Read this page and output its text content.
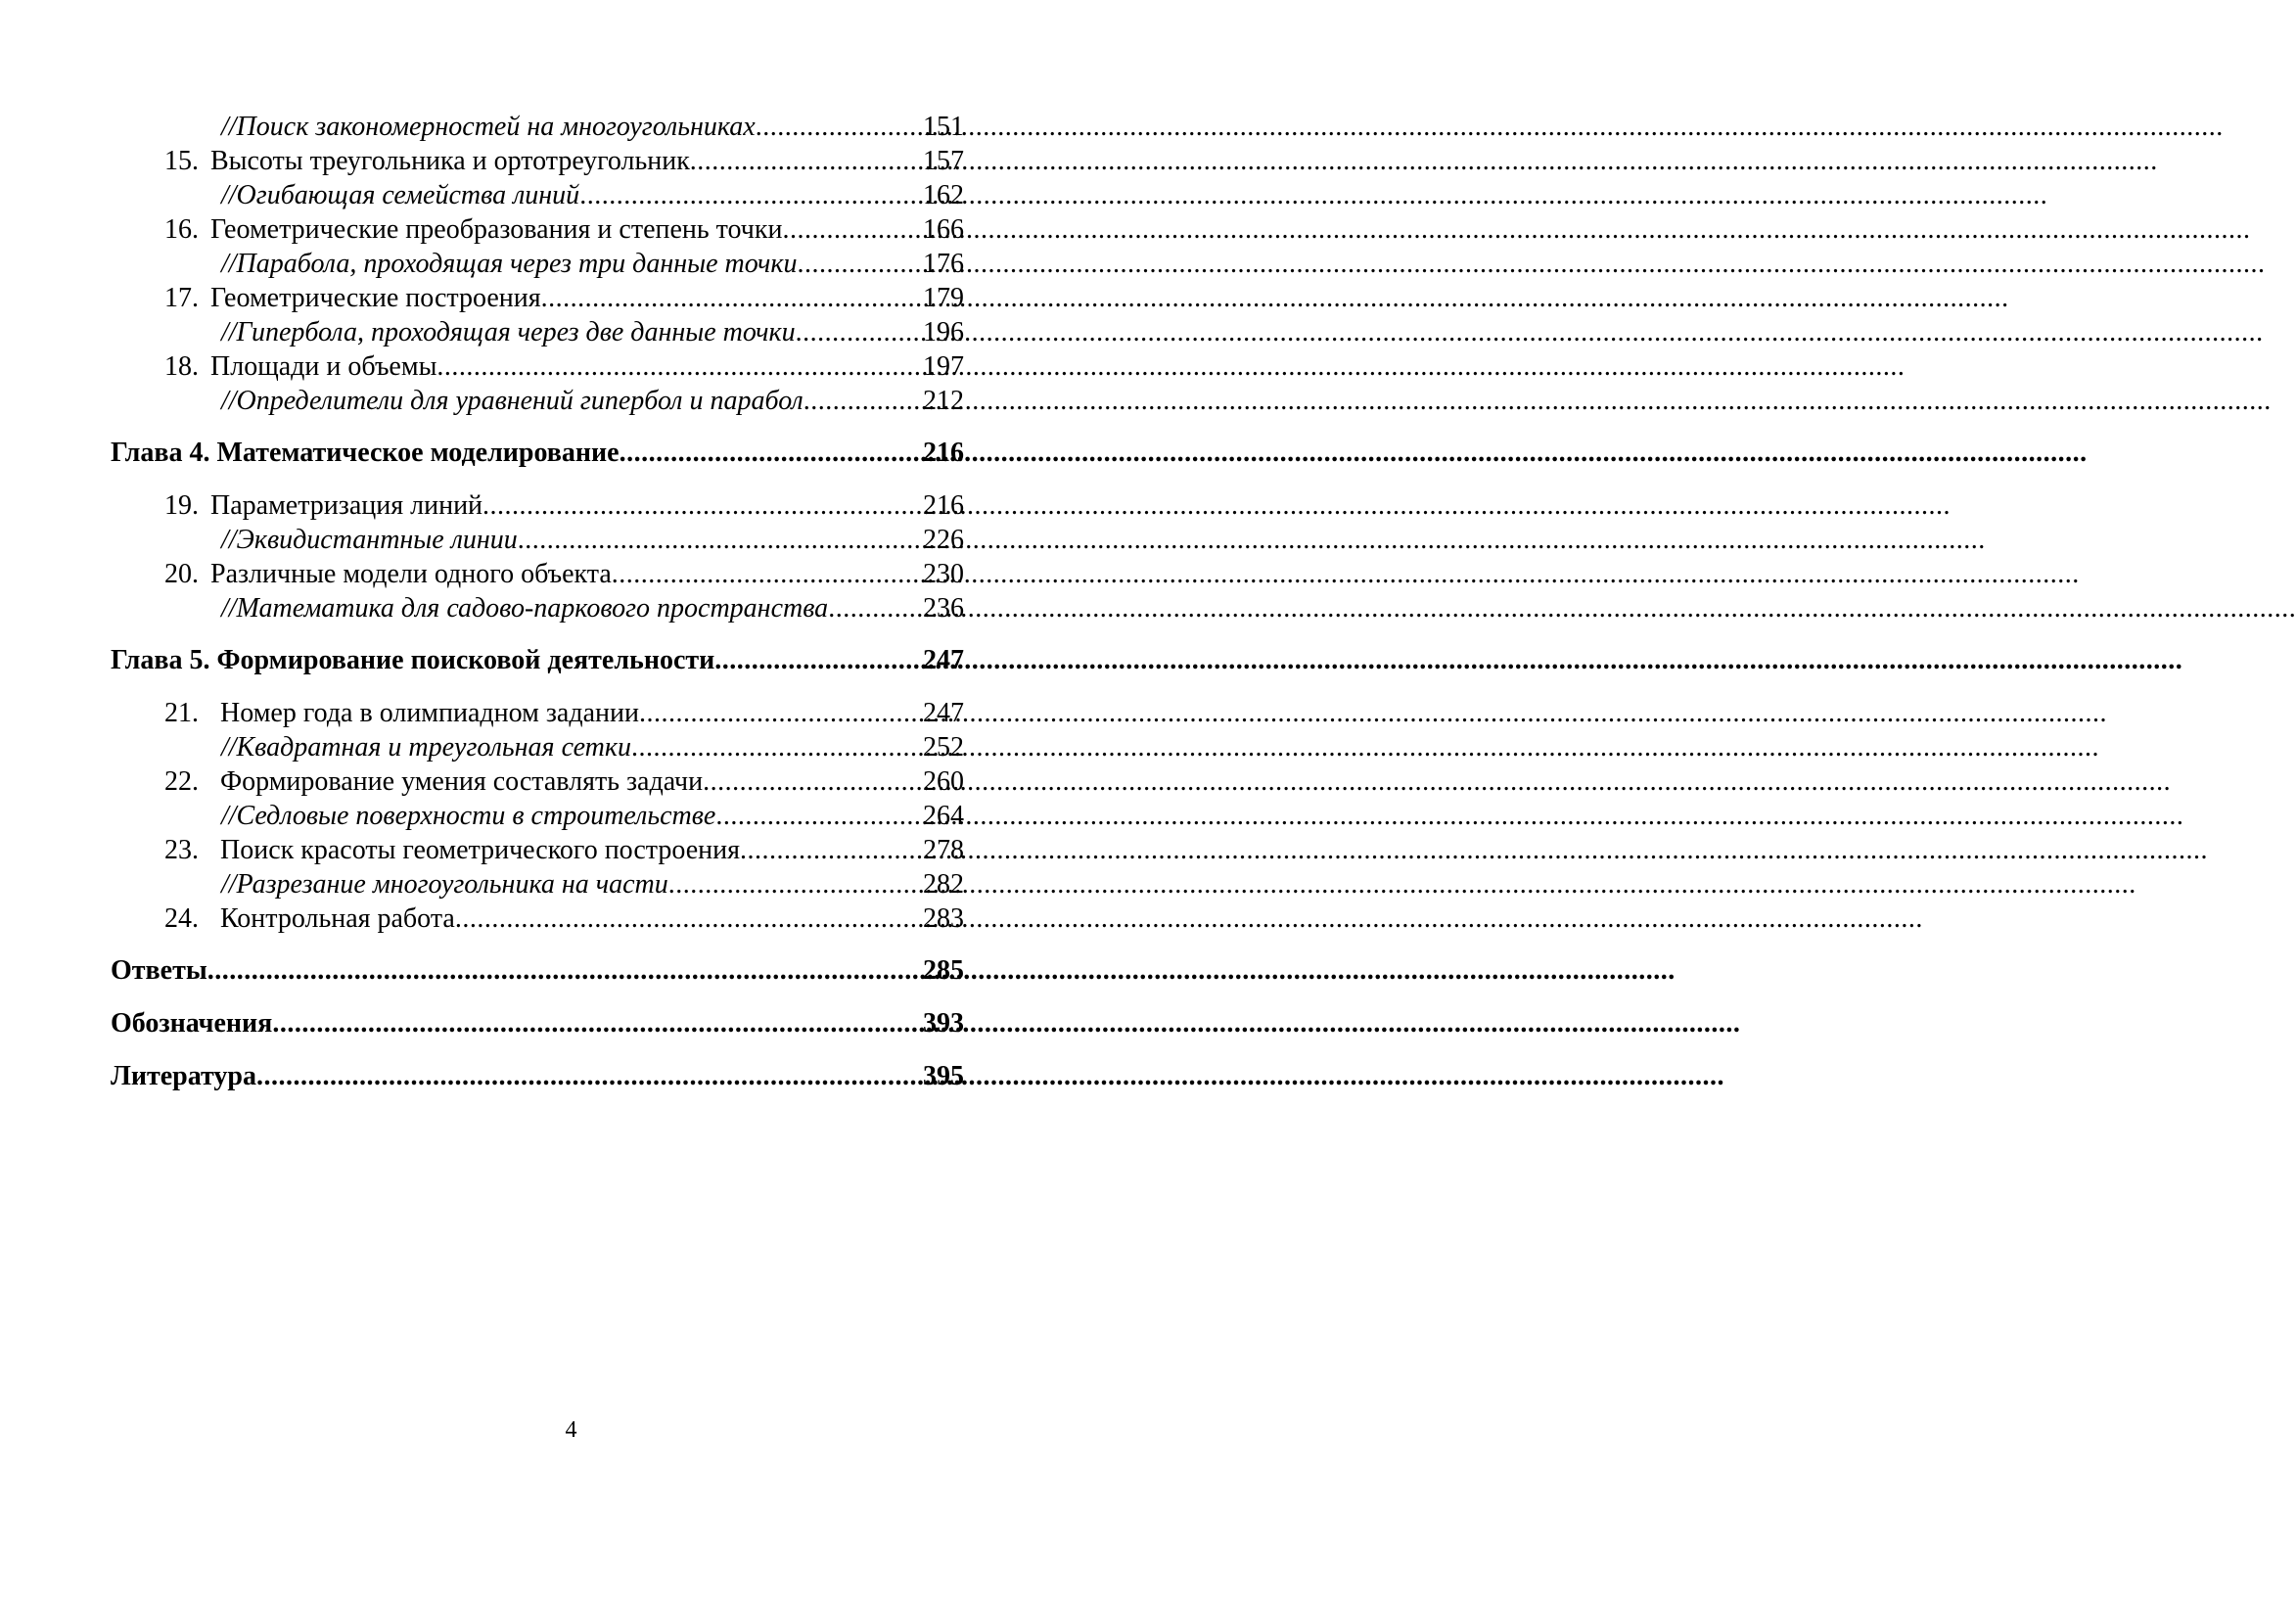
//Поиск закономерностей на многоугольниках .....	151
15. Высоты треугольника и ортотреугольник .....	157
//Огибающая семейства линий .....	162
16. Геометрические преобразования и степень точки .....	166
//Парабола, проходящая через три данные точки .....	176
17. Геометрические построения .....	179
//Гипербола, проходящая через две данные точки .....	196
18. Площади и объемы .....	197
//Определители для уравнений гипербол и парабол .....	212
Глава 4. Математическое моделирование .....	216
19. Параметризация линий .....	216
//Эквидистантные линии .....	226
20. Различные модели одного объекта .....	230
//Математика для садово-паркового пространства .....	236
Глава 5. Формирование поисковой деятельности .....	247
21. Номер года в олимпиадном задании .....	247
//Квадратная и треугольная сетки .....	252
22. Формирование умения составлять задачи .....	260
//Седловые поверхности в строительстве .....	264
23. Поиск красоты геометрического построения .....	278
//Разрезание многоугольника на части .....	282
24. Контрольная работа .....	283
Ответы .....	285
Обозначения .....	393
Литература .....	395
4
